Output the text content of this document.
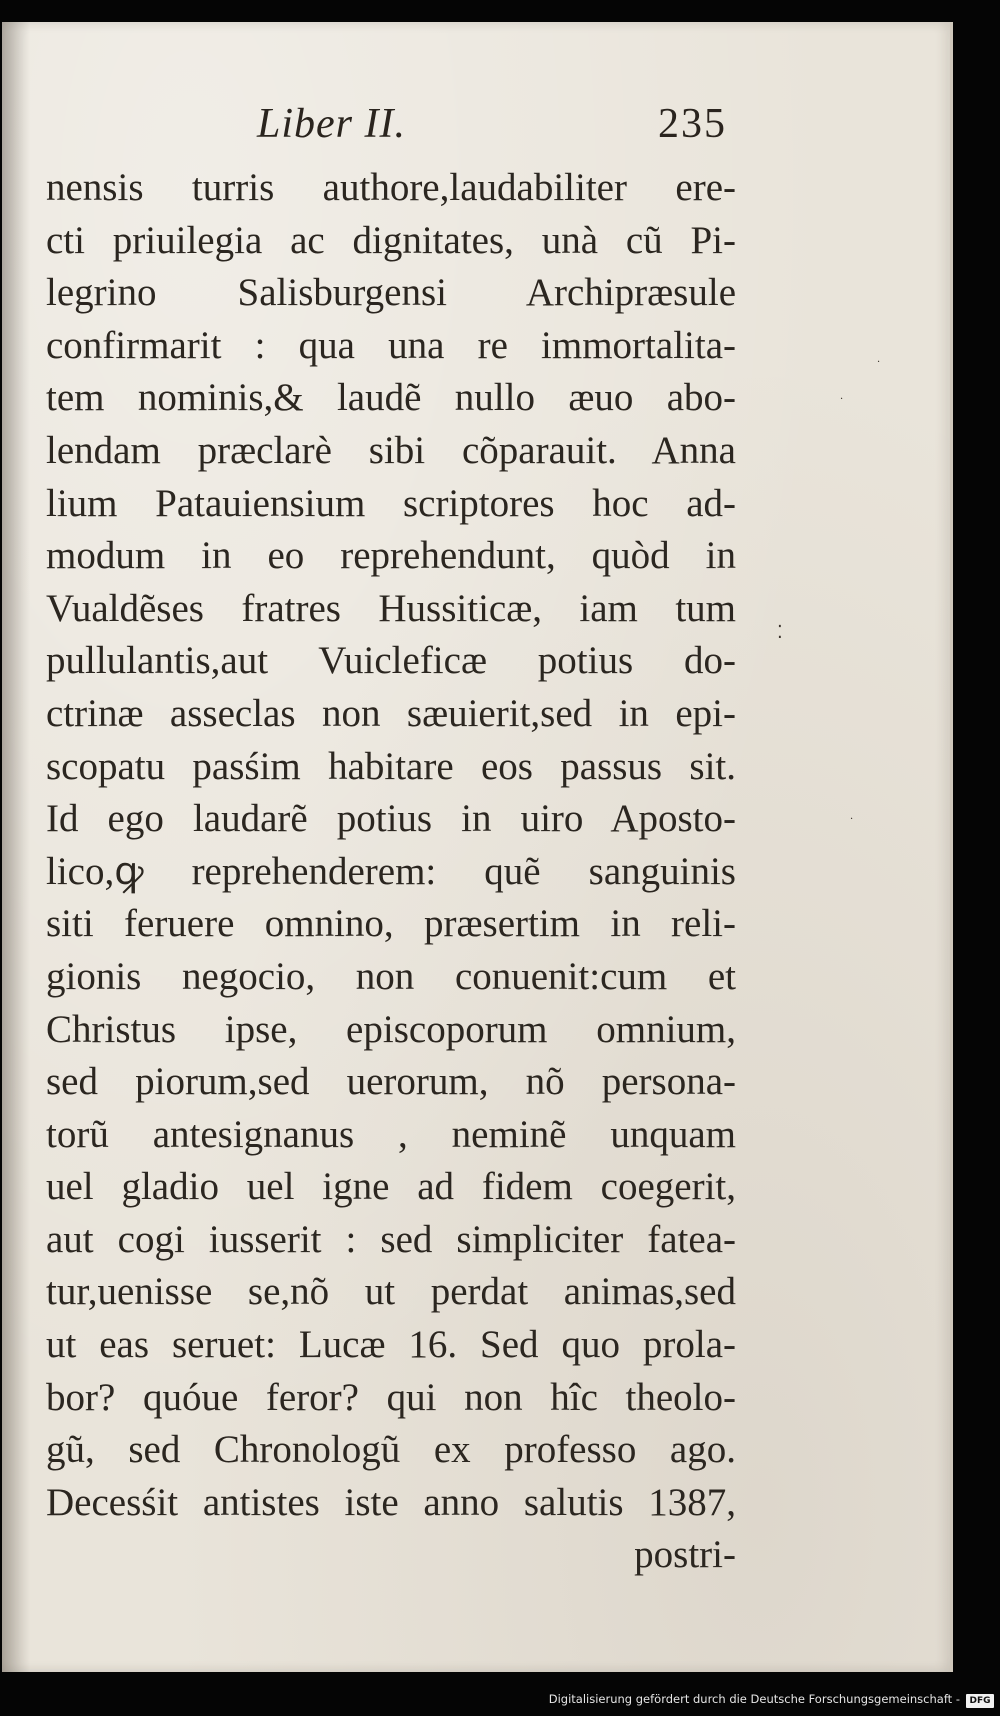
Liber II.	235
nensis turris authore,laudabiliter ere-
cti priuilegia ac dignitates, unà cũ Pi-
legrino Salisburgensi Archipræsule
confirmarit : qua una re immortalita-
tem nominis,& laudẽ nullo æuo abo-
lendam præclarè sibi cõparauit. Anna
lium Patauiensium scriptores hoc ad-
modum in eo reprehendunt, quòd in
Vualdẽses fratres Hussiticæ, iam tum
pullulantis,aut Vuicleficæ potius do-
ctrinæ asseclas non sæuierit,sed in epi-
scopatu pasśim habitare eos passus sit.
Id ego laudarẽ potius in uiro Aposto-
lico,ꝙ reprehenderem: quẽ sanguinis
siti feruere omnino, præsertim in reli-
gionis negocio, non conuenit:cum et
Christus ipse, episcoporum omnium,
sed piorum,sed uerorum, nõ persona-
torũ antesignanus , neminẽ unquam
uel gladio uel igne ad fidem coegerit,
aut cogi iusserit : sed simpliciter fatea-
tur,uenisse se,nõ ut perdat animas,sed
ut eas seruet: Lucæ 16. Sed quo prola-
bor? quóue feror? qui non hîc theolo-
gũ, sed Chronologũ ex professo ago.
Decesśit antistes iste anno salutis 1387,
postri-
⁚
·
·
·
Digitalisierung gefördert durch die Deutsche Forschungsgemeinschaft -	DFG
